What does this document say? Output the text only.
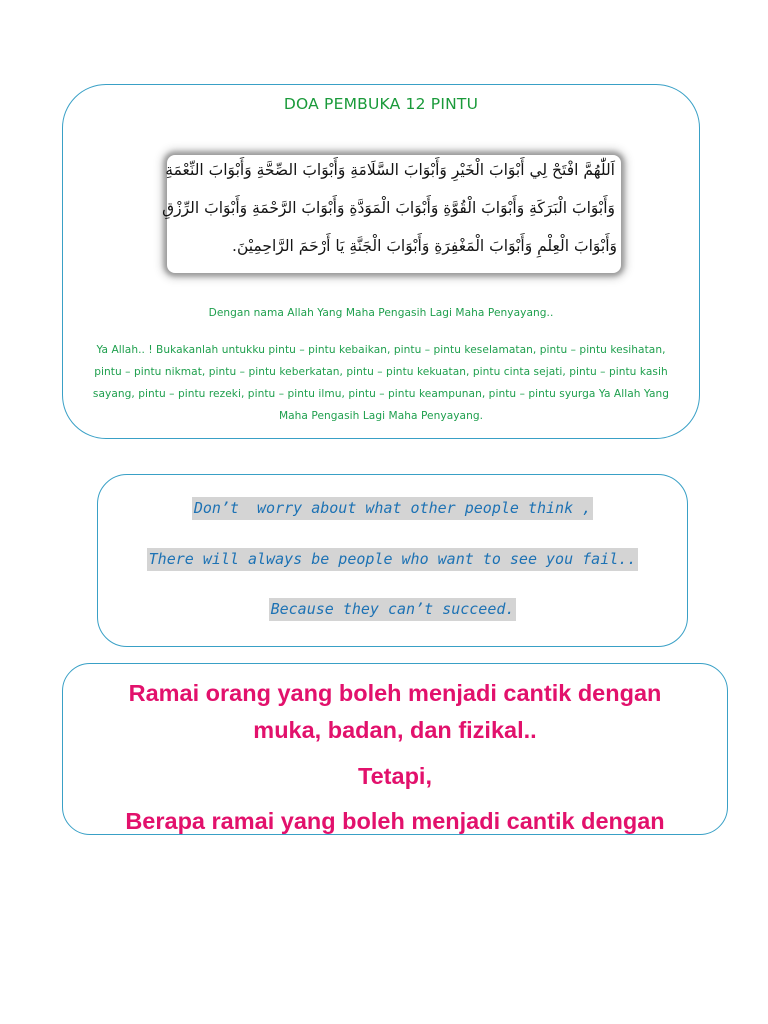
DOA PEMBUKA 12 PINTU
اَللّٰهُمَّ افْتَحْ لِي أَبْوَابَ الْخَيْرِ وَأَبْوَابَ السَّلَامَةِ وَأَبْوَابَ الصِّحَّةِ وَأَبْوَابَ النِّعْمَةِ
وَأَبْوَابَ الْبَرَكَةِ وَأَبْوَابَ الْقُوَّةِ وَأَبْوَابَ الْمَوَدَّةِ وَأَبْوَابَ الرَّحْمَةِ وَأَبْوَابَ الرِّزْقِ
وَأَبْوَابَ الْعِلْمِ وَأَبْوَابَ الْمَغْفِرَةِ وَأَبْوَابَ الْجَنَّةِ يَا أَرْحَمَ الرَّاحِمِيْنَ.
Dengan nama Allah Yang Maha Pengasih Lagi Maha Penyayang..
Ya Allah.. ! Bukakanlah untukku pintu – pintu kebaikan, pintu – pintu keselamatan, pintu – pintu kesihatan, pintu – pintu nikmat, pintu – pintu keberkatan, pintu – pintu kekuatan, pintu cinta sejati, pintu – pintu kasih sayang, pintu – pintu rezeki, pintu – pintu ilmu, pintu – pintu keampunan, pintu – pintu syurga Ya Allah Yang Maha Pengasih Lagi Maha Penyayang.
Don’t  worry about what other people think ,
There will always be people who want to see you fail..
Because they can’t succeed.
Ramai orang yang boleh menjadi cantik dengan
muka, badan, dan fizikal..
Tetapi,
Berapa ramai yang boleh menjadi cantik dengan
